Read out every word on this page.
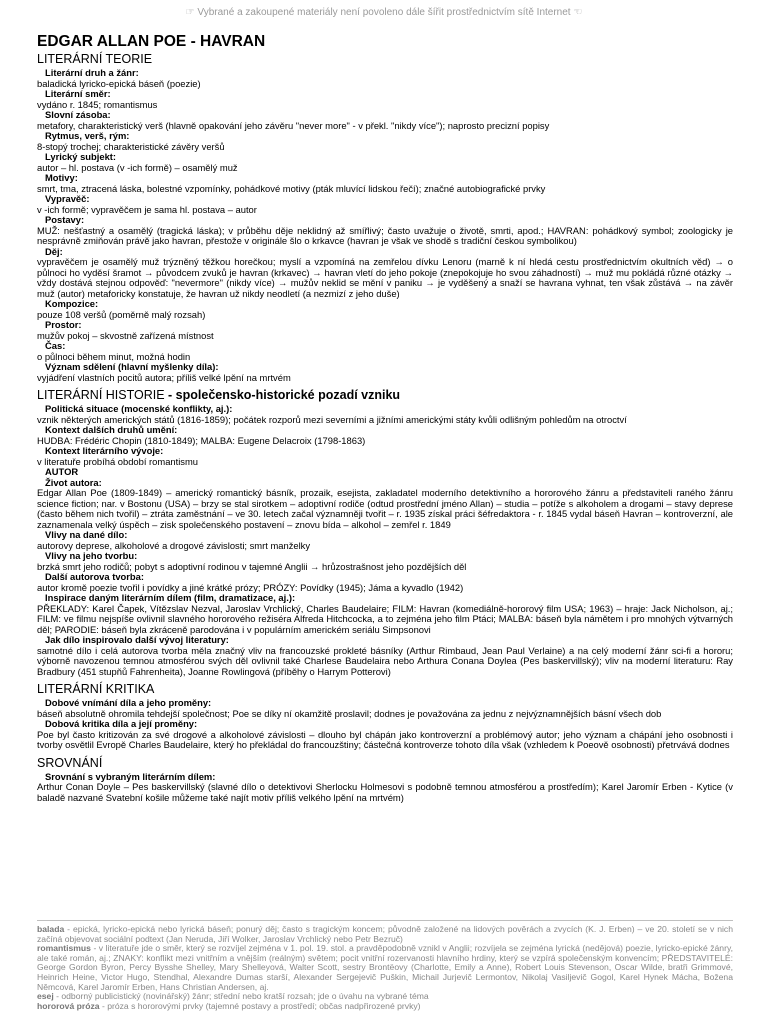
☞ Vybrané a zakoupené materiály není povoleno dále šířit prostřednictvím sítě Internet ☜
EDGAR ALLAN POE - HAVRAN
LITERÁRNÍ TEORIE
Literární druh a žánr:
baladická lyricko-epická báseň (poezie)
Literární směr:
vydáno r. 1845; romantismus
Slovní zásoba:
metafory, charakteristický verš (hlavně opakování jeho závěru "never more" - v překl. "nikdy více"); naprosto precizní popisy
Rytmus, verš, rým:
8-stopý trochej; charakteristické závěry veršů
Lyrický subjekt:
autor – hl. postava (v -ich formě) – osamělý muž
Motivy:
smrt, tma, ztracená láska, bolestné vzpomínky, pohádkové motivy (pták mluvící lidskou řečí); značné autobiografické prvky
Vypravěč:
v -ich formě; vypravěčem je sama hl. postava – autor
Postavy:
MUŽ: nešťastný a osamělý (tragická láska); v průběhu děje neklidný až smířlivý; často uvažuje o životě, smrti, apod.; HAVRAN: pohádkový symbol; zoologicky je nesprávně zmiňován právě jako havran, přestože v originále šlo o krkavce (havran je však ve shodě s tradiční českou symbolikou)
Děj:
vypravěčem je osamělý muž trýzněný těžkou horečkou; myslí a vzpomíná na zemřelou dívku Lenoru (marně k ní hledá cestu prostřednictvím okultních věd) → o půlnoci ho vyděsí šramot → původcem zvuků je havran (krkavec) → havran vletí do jeho pokoje (znepokojuje ho svou záhadností) → muž mu pokládá různé otázky → vždy dostává stejnou odpověď: "nevermore" (nikdy více) → mužův neklid se mění v paniku → je vyděšený a snaží se havrana vyhnat, ten však zůstává → na závěr muž (autor) metaforicky konstatuje, že havran už nikdy neodletí (a nezmizí z jeho duše)
Kompozice:
pouze 108 veršů (poměrně malý rozsah)
Prostor:
mužův pokoj – skvostně zařízená místnost
Čas:
o půlnoci během minut, možná hodin
Význam sdělení (hlavní myšlenky díla):
vyjádření vlastních pocitů autora; příliš velké lpění na mrtvém
LITERÁRNÍ HISTORIE - společensko-historické pozadí vzniku
Politická situace (mocenské konflikty, aj.):
vznik některých amerických států (1816-1859); počátek rozporů mezi severními a jižními americkými státy kvůli odlišným pohledům na otroctví
Kontext dalších druhů umění:
HUDBA: Frédéric Chopin (1810-1849); MALBA: Eugene Delacroix (1798-1863)
Kontext literárního vývoje:
v literatuře probíhá období romantismu
AUTOR
Život autora:
Edgar Allan Poe (1809-1849) – americký romantický básník, prozaik, esejista, zakladatel moderního detektivního a hororového žánru a představiteli raného žánru science fiction; nar. v Bostonu (USA) – brzy se stal sirotkem – adoptivní rodiče (odtud prostřední jméno Allan) – studia – potíže s alkoholem a drogami – stavy deprese (často během nich tvořil) – ztráta zaměstnání – ve 30. letech začal významněji tvořit – r. 1935 získal práci šéfredaktora - r. 1845 vydal báseň Havran – kontroverzní, ale zaznamenala velký úspěch – zisk společenského postavení – znovu bída – alkohol – zemřel r. 1849
Vlivy na dané dílo:
autorovy deprese, alkoholové a drogové závislosti; smrt manželky
Vlivy na jeho tvorbu:
brzká smrt jeho rodičů; pobyt s adoptivní rodinou v tajemné Anglii → hrůzostrašnost jeho pozdějších děl
Další autorova tvorba:
autor kromě poezie tvořil i povídky a jiné krátké prózy; PRÓZY: Povídky (1945); Jáma a kyvadlo (1942)
Inspirace daným literárním dílem (film, dramatizace, aj.):
PŘEKLADY: Karel Čapek, Vítězslav Nezval, Jaroslav Vrchlický, Charles Baudelaire; FILM: Havran (komediálně-hororový film USA; 1963) – hraje: Jack Nicholson, aj.; FILM: ve filmu nejspíše ovlivnil slavného hororového režiséra Alfreda Hitchcocka, a to zejména jeho film Ptáci; MALBA: báseň byla námětem i pro mnohých výtvarných děl; PARODIE: báseň byla zkráceně parodována i v populárním americkém seriálu Simpsonovi
Jak dílo inspirovalo další vývoj literatury:
samotné dílo i celá autorova tvorba měla značný vliv na francouzské prokleté básníky (Arthur Rimbaud, Jean Paul Verlaine) a na celý moderní žánr sci-fi a hororu; výborně navozenou temnou atmosférou svých děl ovlivnil také Charlese Baudelaira nebo Arthura Conana Doylea (Pes baskervillský); vliv na moderní literaturu: Ray Bradbury (451 stupňů Fahrenheita), Joanne Rowlingová (příběhy o Harrym Potterovi)
LITERÁRNÍ KRITIKA
Dobové vnímání díla a jeho proměny:
báseň absolutně ohromila tehdejší společnost; Poe se díky ní okamžitě proslavil; dodnes je považována za jednu z nejvýznamnějších básní všech dob
Dobová kritika díla a její proměny:
Poe byl často kritizován za své drogové a alkoholové závislosti – dlouho byl chápán jako kontroverzní a problémový autor; jeho význam a chápání jeho osobnosti i tvorby osvětlil Evropě Charles Baudelaire, který ho překládal do francouzštiny; částečná kontroverze tohoto díla však (vzhledem k Poeově osobnosti) přetrvává dodnes
SROVNÁNÍ
Srovnání s vybraným literárním dílem:
Arthur Conan Doyle – Pes baskervillský (slavné dílo o detektivovi Sherlocku Holmesovi s podobně temnou atmosférou a prostředím); Karel Jaromír Erben - Kytice (v baladě nazvané Svatební košile můžeme také najít motiv příliš velkého lpění na mrtvém)
balada - epická, lyricko-epická nebo lyrická báseň; ponurý děj; často s tragickým koncem; původně založené na lidových pověrách a zvycích (K. J. Erben) – ve 20. století se v nich začíná objevovat sociální podtext (Jan Neruda, Jiří Wolker, Jaroslav Vrchlický nebo Petr Bezruč)
romantismus - v literatuře jde o směr, který se rozvíjel zejména v 1. pol. 19. stol. a pravděpodobně vznikl v Anglii; rozvíjela se zejména lyrická (nedějová) poezie, lyricko-epické žánry, ale také román, aj.; ZNAKY: konflikt mezi vnitřním a vnějším (reálným) světem; pocit vnitřní rozervanosti hlavního hrdiny, který se vzpírá společenským konvencím; PŘEDSTAVITELÉ: George Gordon Byron, Percy Bysshe Shelley, Mary Shelleyová, Walter Scott, sestry Brontëovy (Charlotte, Emily a Anne), Robert Louis Stevenson, Oscar Wilde, bratři Grimmové, Heinrich Heine, Victor Hugo, Stendhal, Alexandre Dumas starší, Alexander Sergejevič Puškin, Michail Jurjevič Lermontov, Nikolaj Vasiljevič Gogol, Karel Hynek Mácha, Božena Němcová, Karel Jaromír Erben, Hans Christian Andersen, aj.
esej - odborný publicistický (novinářský) žánr; střední nebo kratší rozsah; jde o úvahu na vybrané téma
hororová próza - próza s hororovými prvky (tajemné postavy a prostředí; občas nadpřirozené prvky)
